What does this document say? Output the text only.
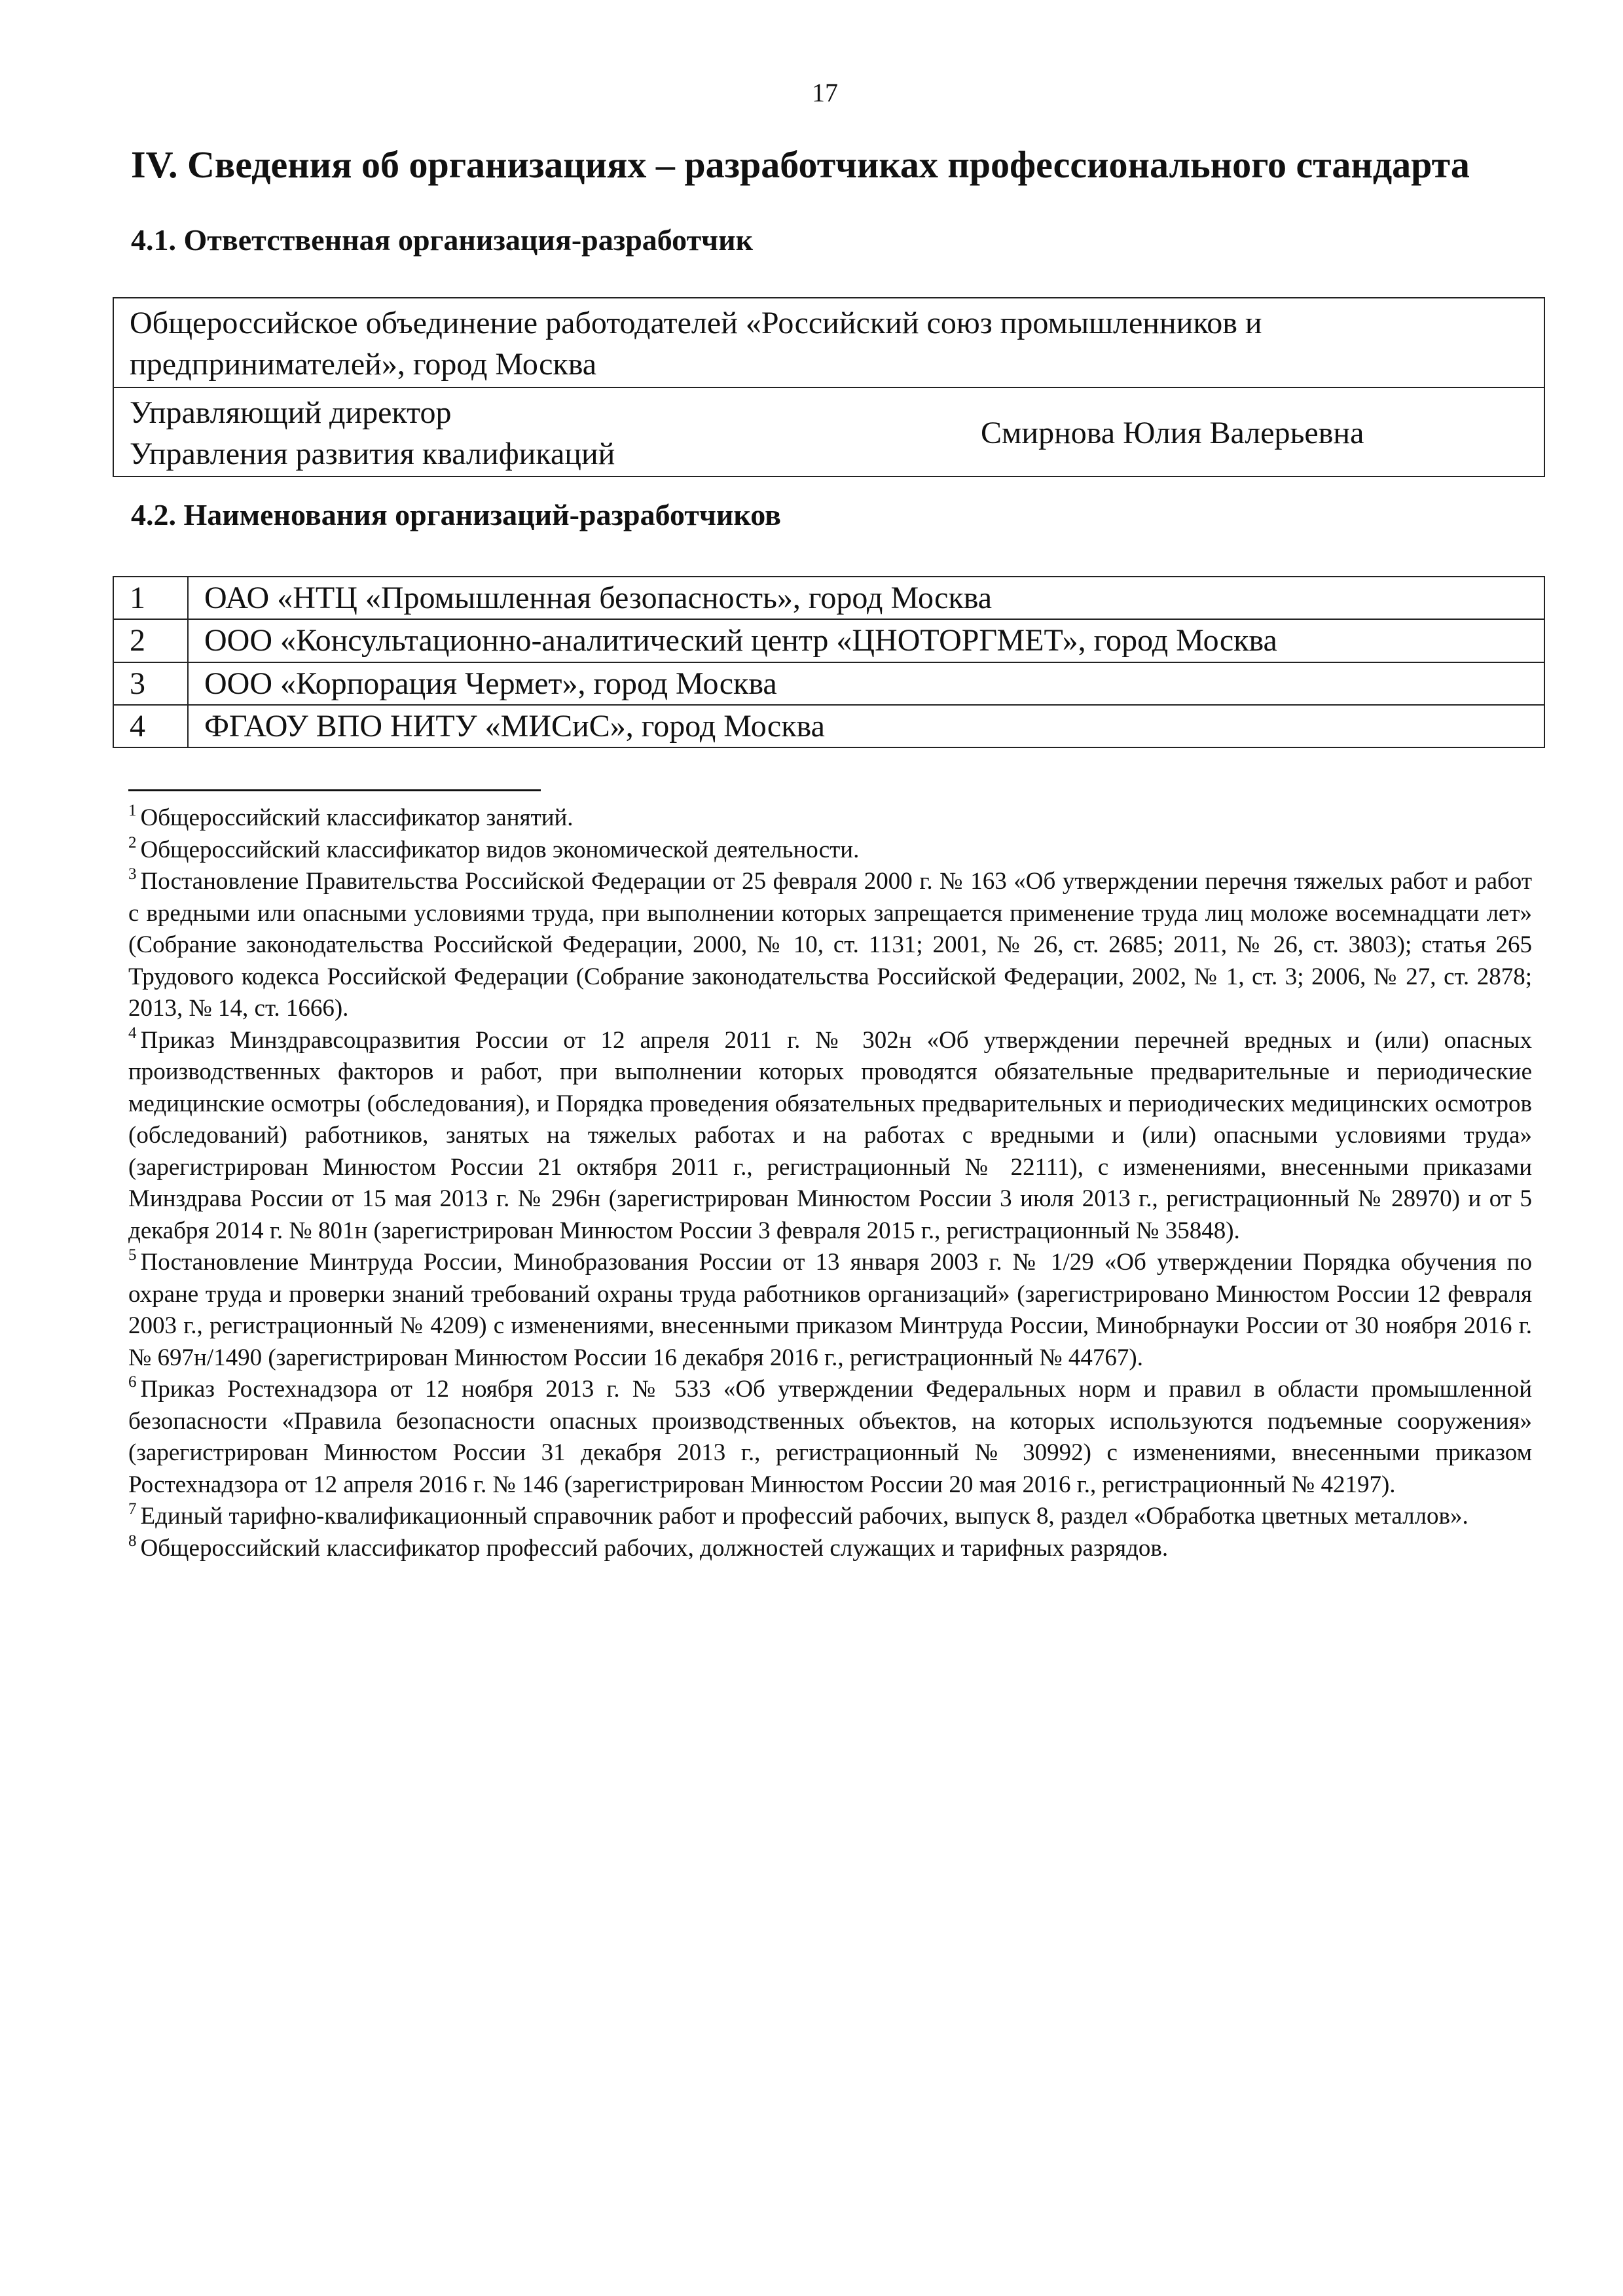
17
IV. Сведения об организациях – разработчиках профессионального стандарта
4.1. Ответственная организация-разработчик
Общероссийское объединение работодателей «Российский союз промышленников и
предпринимателей», город Москва

Управляющий директор
Управления развития квалификаций
	Смирнова Юлия Валерьевна
4.2. Наименования организаций-разработчиков
1	ОАО «НТЦ «Промышленная безопасность», город Москва
2	ООО «Консультационно-аналитический центр «ЦНОТОРГМЕТ», город Москва
3	ООО «Корпорация Чермет», город Москва
4	ФГАОУ ВПО НИТУ «МИСиС», город Москва

$^1$ Общероссийский классификатор занятий.

$^2$ Общероссийский классификатор видов экономической деятельности.

$^3$ Постановление Правительства Российской Федерации от 25 февраля 2000 г. № 163 «Об утверждении перечня тяжелых работ и работ с вредными или опасными условиями труда, при выполнении которых запрещается применение труда лиц моложе восемнадцати лет» (Собрание законодательства Российской Федерации, 2000, № 10, ст. 1131; 2001, № 26, ст. 2685; 2011, № 26, ст. 3803); статья 265 Трудового кодекса Российской Федерации (Собрание законодательства Российской Федерации, 2002, № 1, ст. 3; 2006, № 27, ст. 2878; 2013, № 14, ст. 1666).

$^4$ Приказ Минздравсоцразвития России от 12 апреля 2011 г. № 302н «Об утверждении перечней вредных и (или) опасных производственных факторов и работ, при выполнении которых проводятся обязательные предварительные и периодические медицинские осмотры (обследования), и Порядка проведения обязательных предварительных и периодических медицинских осмотров (обследований) работников, занятых на тяжелых работах и на работах с вредными и (или) опасными условиями труда» (зарегистрирован Минюстом России 21 октября 2011 г., регистрационный № 22111), с изменениями, внесенными приказами Минздрава России от 15 мая 2013 г. № 296н (зарегистрирован Минюстом России 3 июля 2013 г., регистрационный № 28970) и от 5 декабря 2014 г. № 801н (зарегистрирован Минюстом России 3 февраля 2015 г., регистрационный № 35848).

$^5$ Постановление Минтруда России, Минобразования России от 13 января 2003 г. № 1/29 «Об утверждении Порядка обучения по охране труда и проверки знаний требований охраны труда работников организаций» (зарегистрировано Минюстом России 12 февраля 2003 г., регистрационный № 4209) с изменениями, внесенными приказом Минтруда России, Минобрнауки России от 30 ноября 2016 г. № 697н/1490 (зарегистрирован Минюстом России 16 декабря 2016 г., регистрационный № 44767).

$^6$ Приказ Ростехнадзора от 12 ноября 2013 г. № 533 «Об утверждении Федеральных норм и правил в области промышленной безопасности «Правила безопасности опасных производственных объектов, на которых используются подъемные сооружения» (зарегистрирован Минюстом России 31 декабря 2013 г., регистрационный № 30992) с изменениями, внесенными приказом Ростехнадзора от 12 апреля 2016 г. № 146 (зарегистрирован Минюстом России 20 мая 2016 г., регистрационный № 42197).

$^7$ Единый тарифно-квалификационный справочник работ и профессий рабочих, выпуск 8, раздел «Обработка цветных металлов».

$^8$ Общероссийский классификатор профессий рабочих, должностей служащих и тарифных разрядов.
